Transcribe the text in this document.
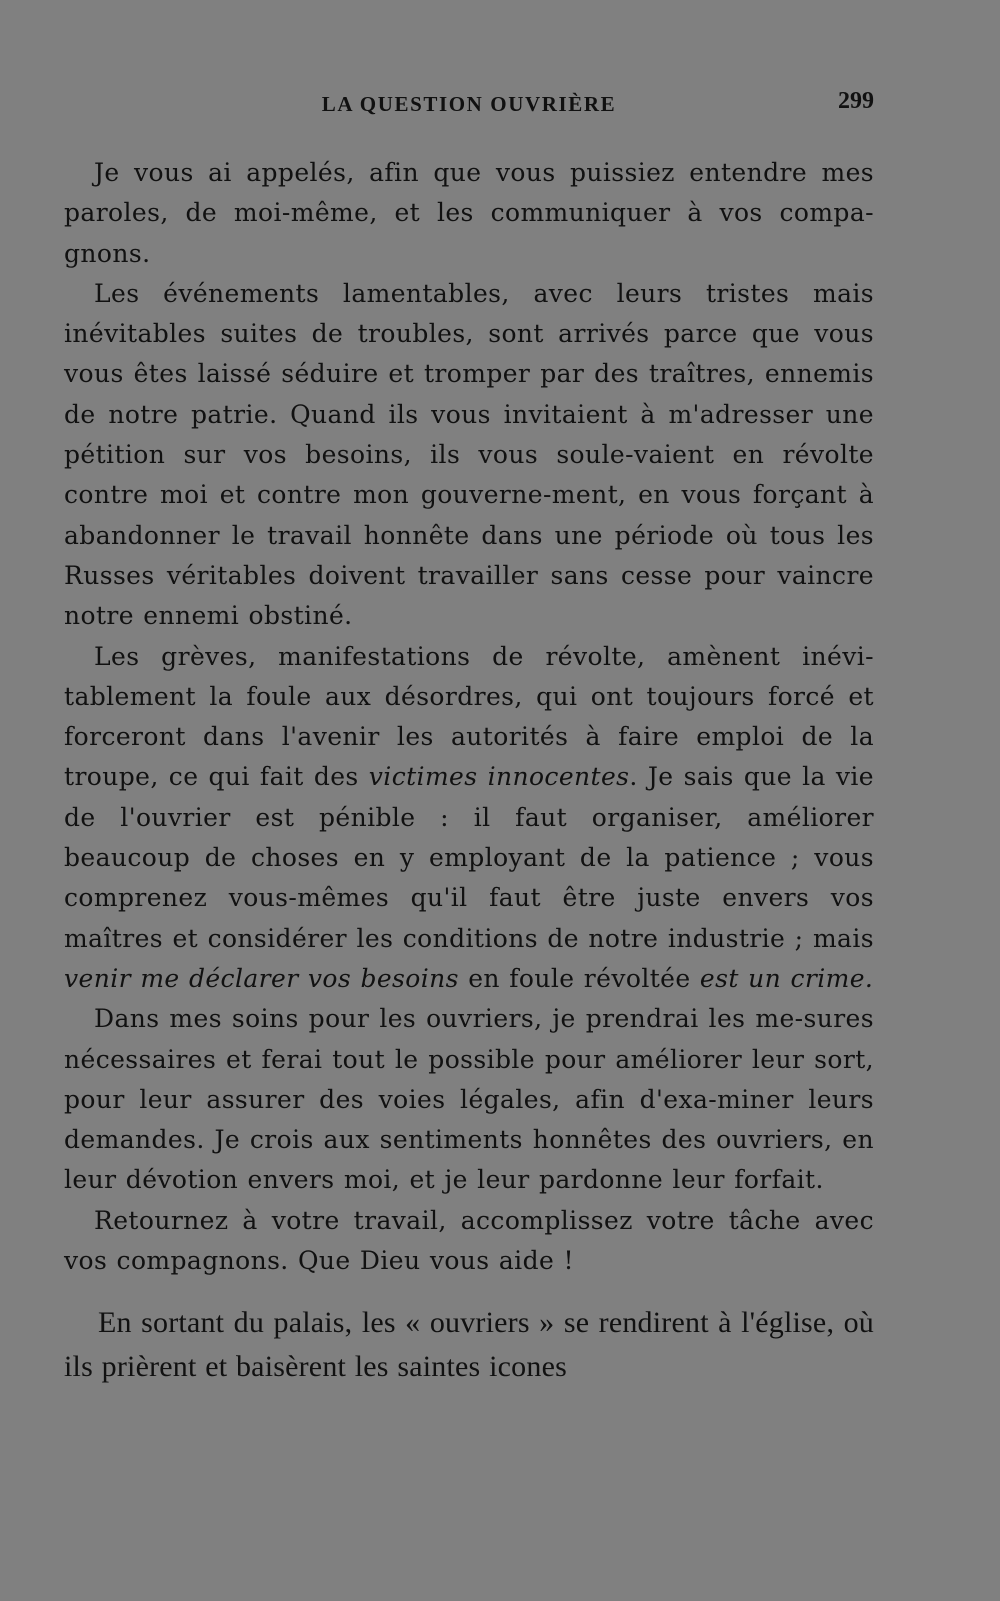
LA QUESTION OUVRIÈRE	299

Je vous ai appelés, afin que vous puissiez entendre mes paroles, de moi-même, et les communiquer à vos compa-gnons.

Les événements lamentables, avec leurs tristes mais inévitables suites de troubles, sont arrivés parce que vous vous êtes laissé séduire et tromper par des traîtres, ennemis de notre patrie. Quand ils vous invitaient à m'adresser une pétition sur vos besoins, ils vous soule-vaient en révolte contre moi et contre mon gouverne-ment, en vous forçant à abandonner le travail honnête dans une période où tous les Russes véritables doivent travailler sans cesse pour vaincre notre ennemi obstiné.

Les grèves, manifestations de révolte, amènent inévi-tablement la foule aux désordres, qui ont toujours forcé et forceront dans l'avenir les autorités à faire emploi de la troupe, ce qui fait des victimes innocentes. Je sais que la vie de l'ouvrier est pénible : il faut organiser, améliorer beaucoup de choses en y employant de la patience ; vous comprenez vous-mêmes qu'il faut être juste envers vos maîtres et considérer les conditions de notre industrie ; mais venir me déclarer vos besoins en foule révoltée est un crime.

Dans mes soins pour les ouvriers, je prendrai les me-sures nécessaires et ferai tout le possible pour améliorer leur sort, pour leur assurer des voies légales, afin d'exa-miner leurs demandes. Je crois aux sentiments honnêtes des ouvriers, en leur dévotion envers moi, et je leur pardonne leur forfait.

Retournez à votre travail, accomplissez votre tâche avec vos compagnons. Que Dieu vous aide !

En sortant du palais, les « ouvriers » se rendirent à l'église, où ils prièrent et baisèrent les saintes icones
